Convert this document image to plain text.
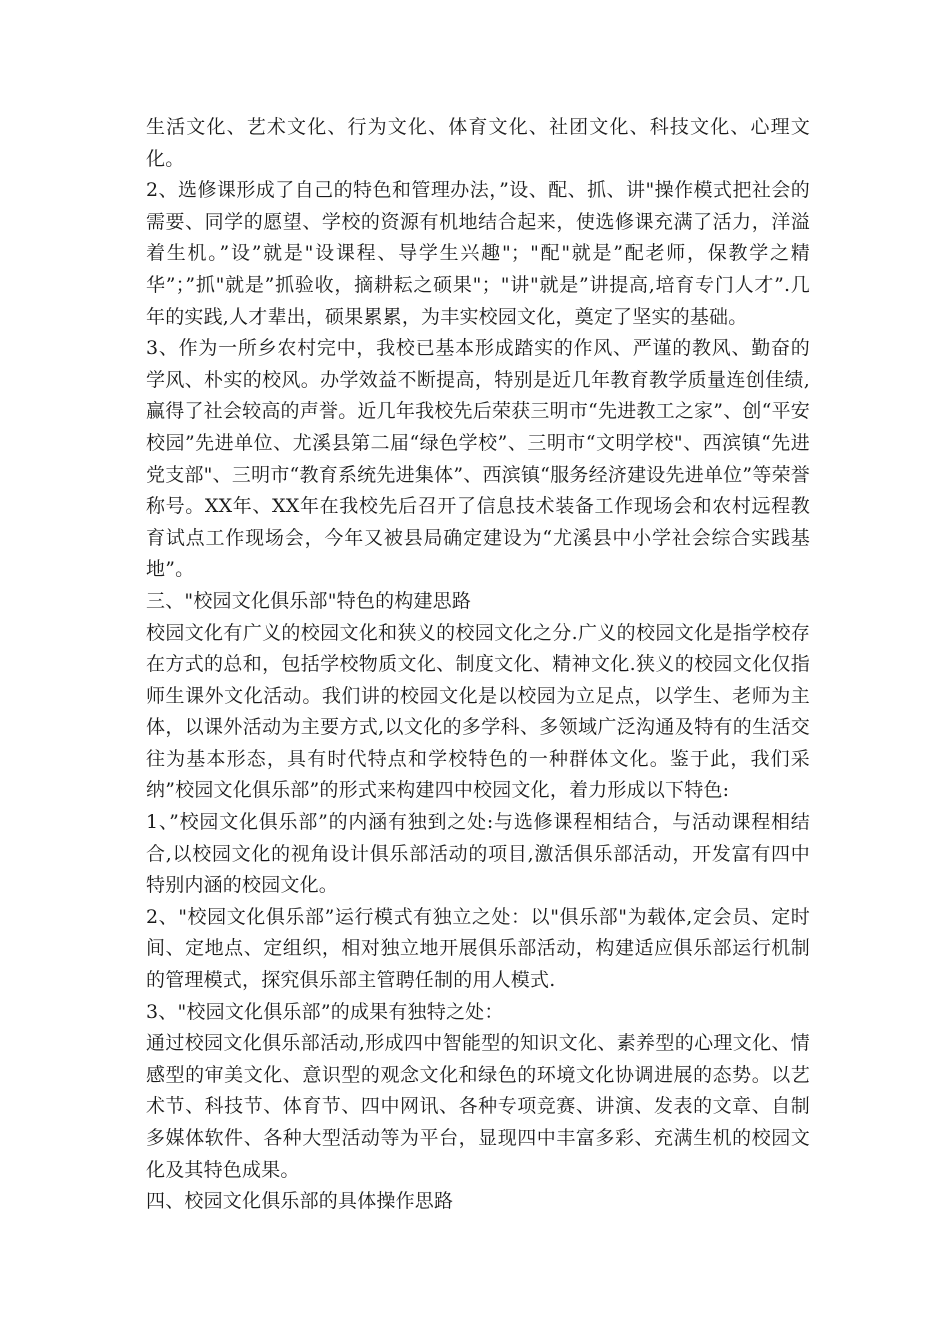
生活文化、艺术文化、行为文化、体育文化、社团文化、科技文化、心理文化。

2、选修课形成了自己的特色和管理办法，”设、配、抓、讲"操作模式把社会的需要、同学的愿望、学校的资源有机地结合起来，使选修课充满了活力，洋溢着生机。”设”就是"设课程、导学生兴趣"；"配"就是”配老师，保教学之精华”；”抓"就是”抓验收，摘耕耘之硕果"；"讲"就是”讲提高,培育专门人才”.几年的实践,人才辈出，硕果累累，为丰实校园文化，奠定了坚实的基础。

3、作为一所乡农村完中，我校已基本形成踏实的作风、严谨的教风、勤奋的学风、朴实的校风。办学效益不断提高，特别是近几年教育教学质量连创佳绩,赢得了社会较高的声誉。近几年我校先后荣获三明市“先进教工之家”、创“平安校园”先进单位、尤溪县第二届“绿色学校”、三明市“文明学校"、西滨镇“先进党支部"、三明市“教育系统先进集体”、西滨镇“服务经济建设先进单位”等荣誉称号。XX年、XX年在我校先后召开了信息技术装备工作现场会和农村远程教育试点工作现场会，今年又被县局确定建设为“尤溪县中小学社会综合实践基地”。

三、"校园文化俱乐部"特色的构建思路

校园文化有广义的校园文化和狭义的校园文化之分.广义的校园文化是指学校存在方式的总和，包括学校物质文化、制度文化、精神文化.狭义的校园文化仅指师生课外文化活动。我们讲的校园文化是以校园为立足点，以学生、老师为主体，以课外活动为主要方式,以文化的多学科、多领域广泛沟通及特有的生活交往为基本形态，具有时代特点和学校特色的一种群体文化。鉴于此，我们采纳”校园文化俱乐部”的形式来构建四中校园文化，着力形成以下特色:

1、”校园文化俱乐部”的内涵有独到之处:与选修课程相结合，与活动课程相结合,以校园文化的视角设计俱乐部活动的项目,激活俱乐部活动，开发富有四中特别内涵的校园文化。

2、"校园文化俱乐部”运行模式有独立之处：以"俱乐部"为载体,定会员、定时间、定地点、定组织，相对独立地开展俱乐部活动，构建适应俱乐部运行机制的管理模式，探究俱乐部主管聘任制的用人模式.

3、"校园文化俱乐部”的成果有独特之处：

通过校园文化俱乐部活动,形成四中智能型的知识文化、素养型的心理文化、情感型的审美文化、意识型的观念文化和绿色的环境文化协调进展的态势。以艺术节、科技节、体育节、四中网讯、各种专项竞赛、讲演、发表的文章、自制多媒体软件、各种大型活动等为平台，显现四中丰富多彩、充满生机的校园文化及其特色成果。

四、校园文化俱乐部的具体操作思路
